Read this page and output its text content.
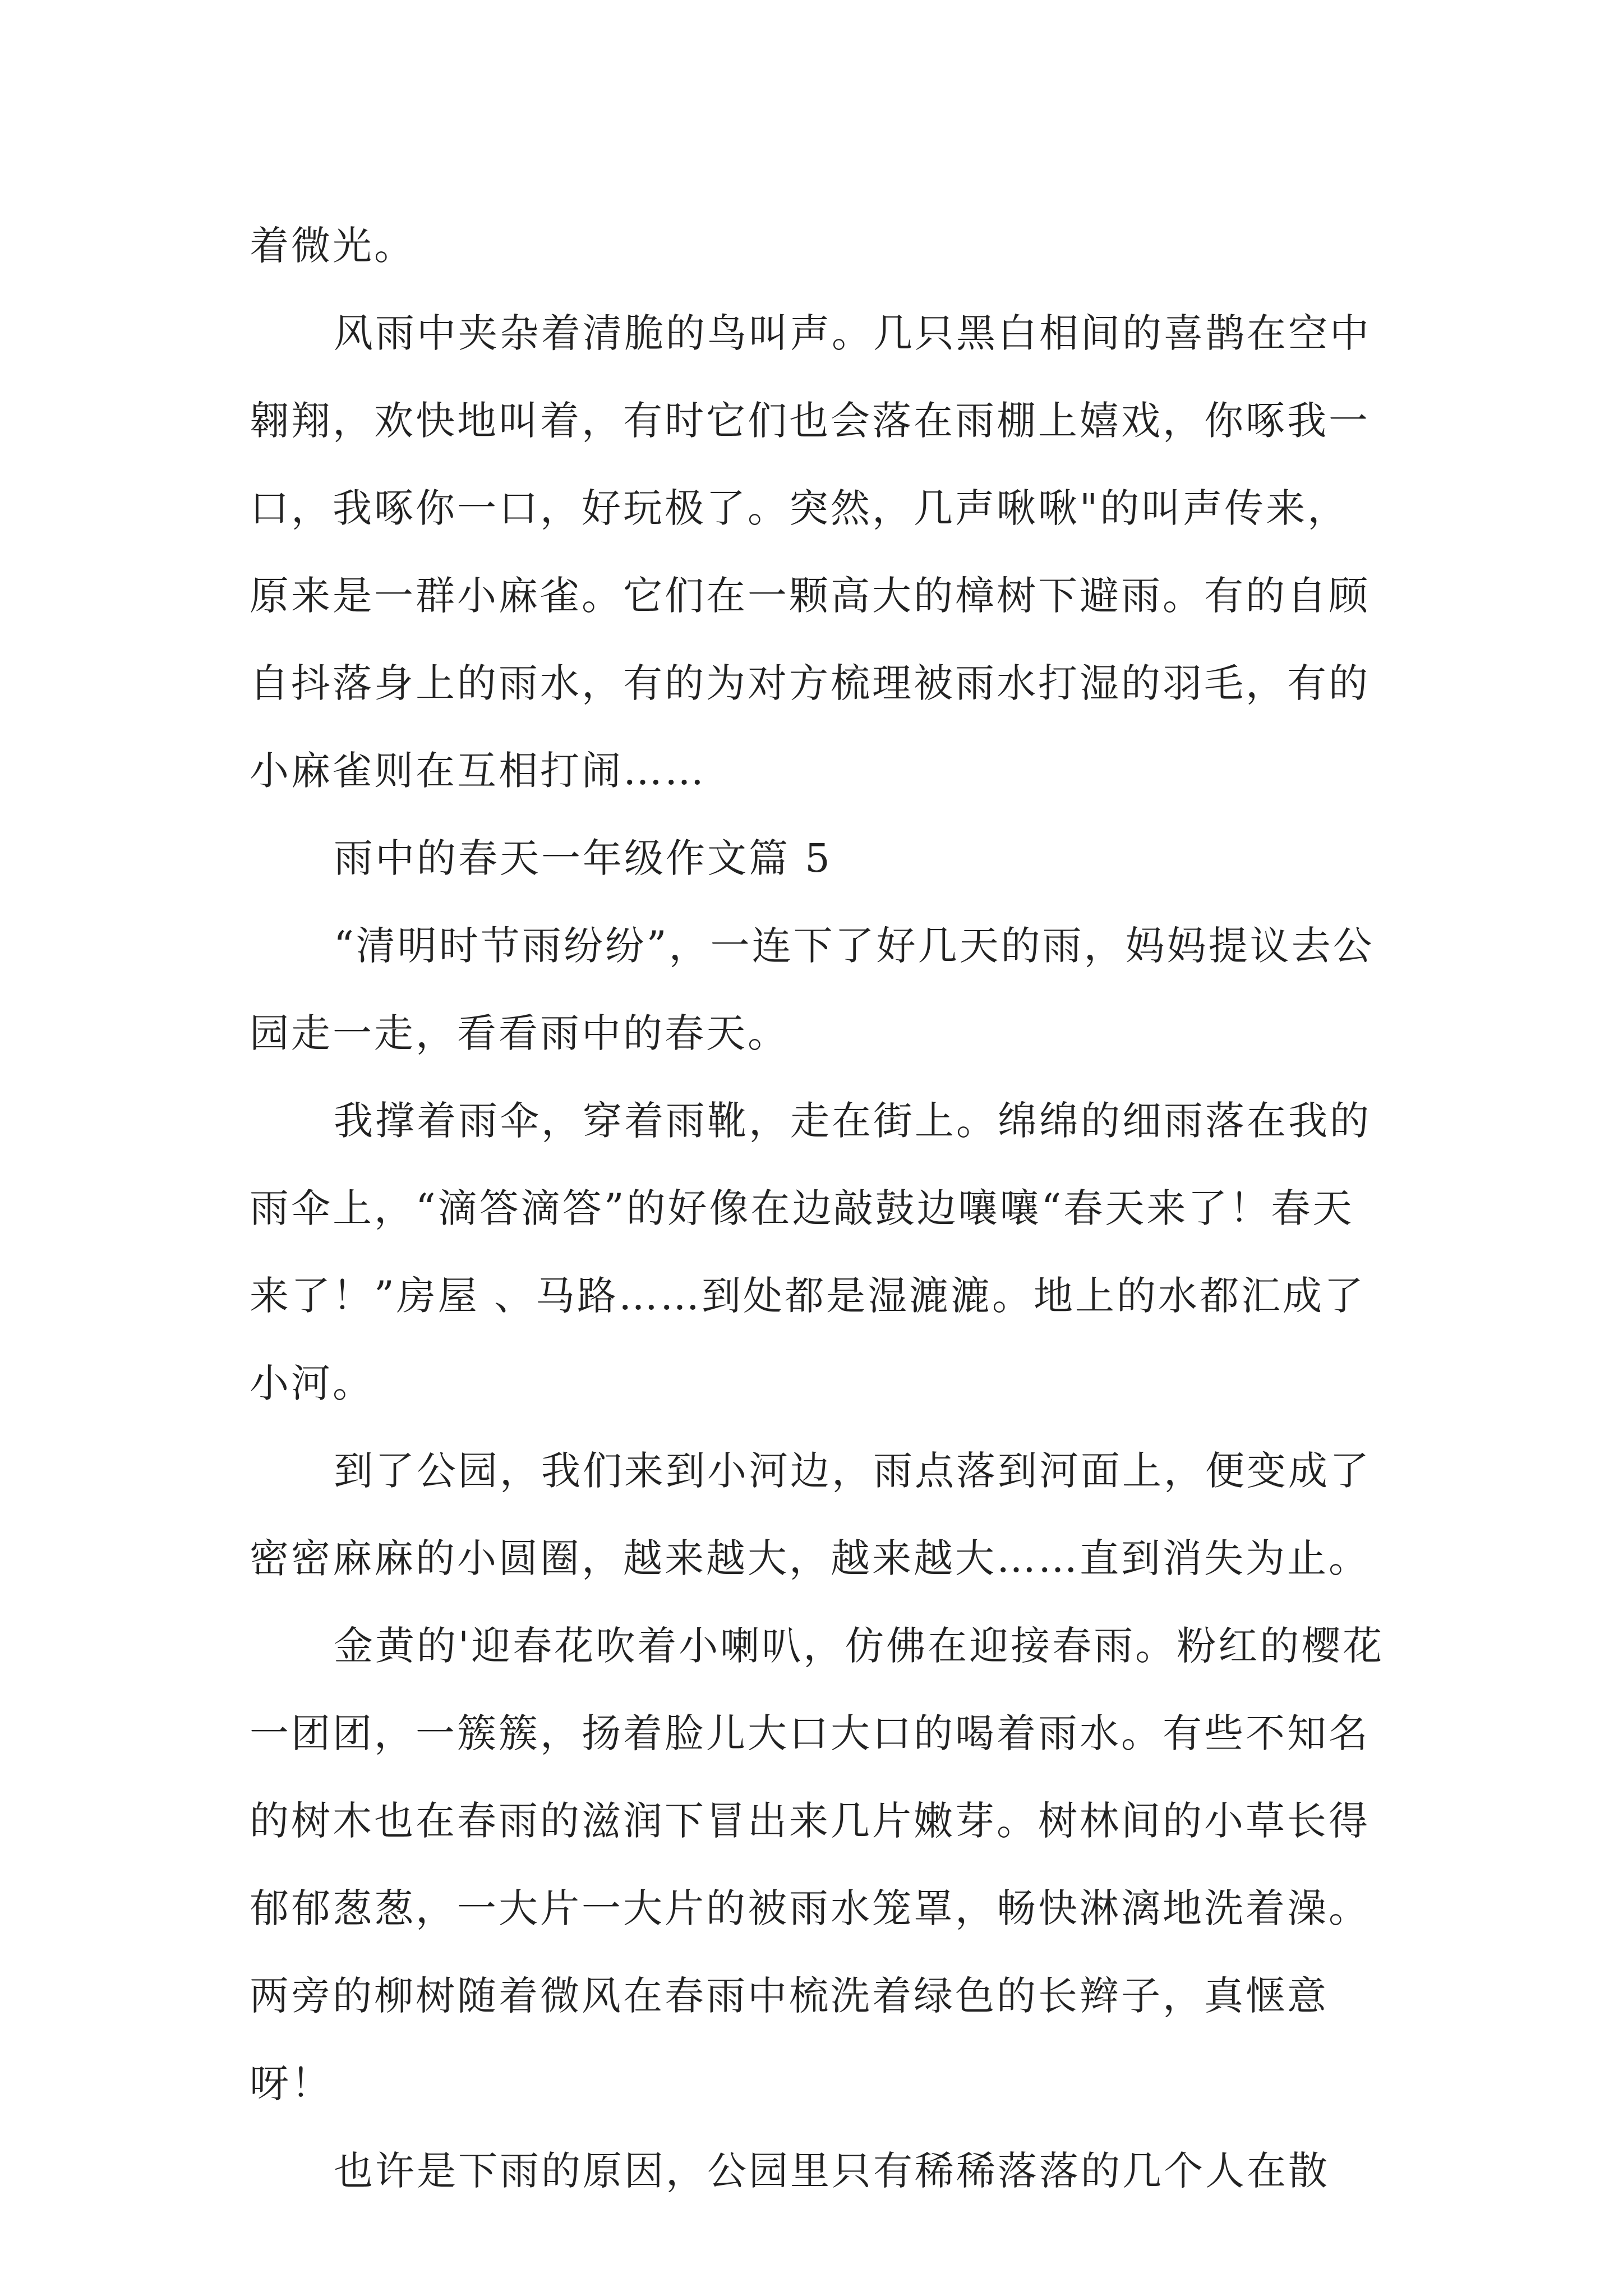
着微光。

风雨中夹杂着清脆的鸟叫声。几只黑白相间的喜鹊在空中翱翔，欢快地叫着，有时它们也会落在雨棚上嬉戏，你啄我一口，我啄你一口，好玩极了。突然，几声啾啾"的叫声传来，原来是一群小麻雀。它们在一颗高大的樟树下避雨。有的自顾自抖落身上的雨水，有的为对方梳理被雨水打湿的羽毛，有的小麻雀则在互相打闹……

雨中的春天一年级作文篇 5

“清明时节雨纷纷”，一连下了好几天的雨，妈妈提议去公园走一走，看看雨中的春天。

我撑着雨伞，穿着雨靴，走在街上。绵绵的细雨落在我的雨伞上，“滴答滴答”的好像在边敲鼓边嚷嚷“春天来了！春天来了！”房屋 、马路……到处都是湿漉漉。地上的水都汇成了小河。

到了公园，我们来到小河边，雨点落到河面上，便变成了密密麻麻的小圆圈，越来越大，越来越大……直到消失为止。

金黄的'迎春花吹着小喇叭，仿佛在迎接春雨。粉红的樱花一团团，一簇簇，扬着脸儿大口大口的喝着雨水。有些不知名的树木也在春雨的滋润下冒出来几片嫩芽。树林间的小草长得郁郁葱葱，一大片一大片的被雨水笼罩，畅快淋漓地洗着澡。两旁的柳树随着微风在春雨中梳洗着绿色的长辫子，真惬意呀！

也许是下雨的原因，公园里只有稀稀落落的几个人在散
